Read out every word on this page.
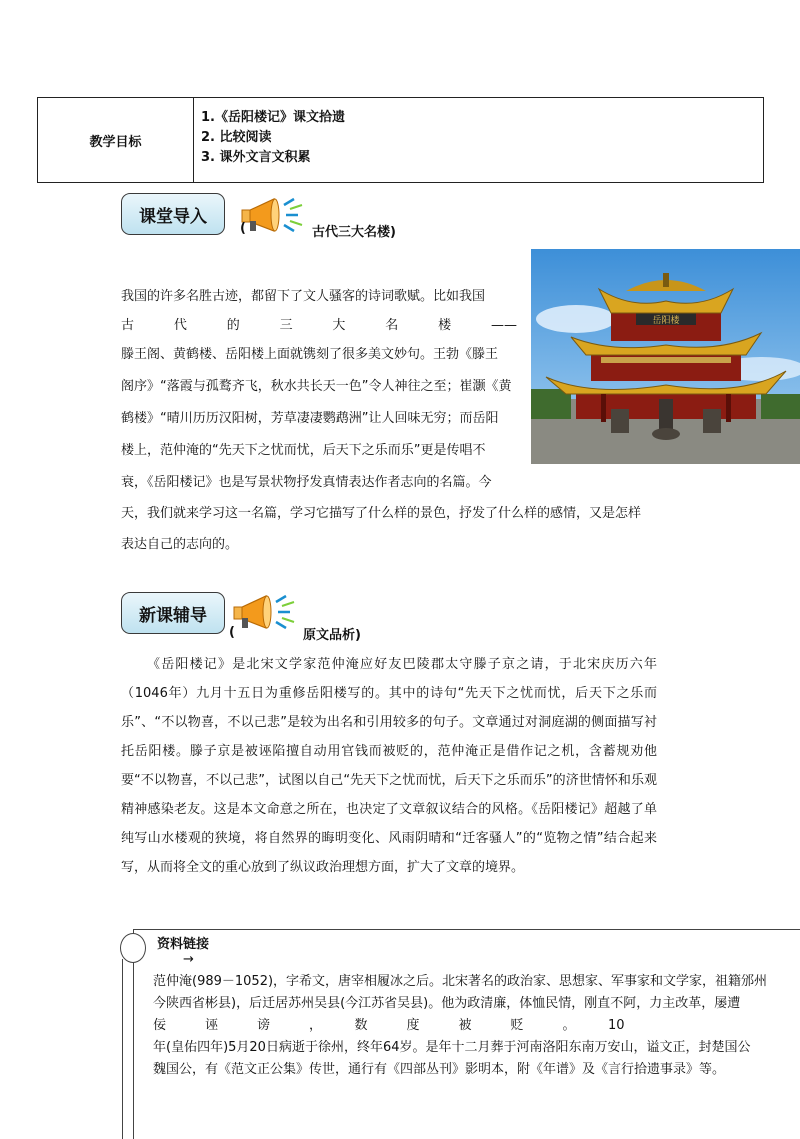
教学目标
1.《岳阳楼记》课文拾遗
2. 比较阅读
3. 课外文言文积累
课堂导入
(	古代三大名楼)
我国的许多名胜古迹，都留下了文人骚客的诗词歌赋。比如我国
古代的三大名楼——
滕王阁、黄鹤楼、岳阳楼上面就镌刻了很多美文妙句。王勃《滕王
阁序》“落霞与孤鹜齐飞，秋水共长天一色”令人神往之至；崔灏《黄
鹤楼》“晴川历历汉阳树，芳草凄凄鹦鹉洲”让人回味无穷；而岳阳
楼上，范仲淹的“先天下之忧而忧，后天下之乐而乐”更是传唱不
衰，《岳阳楼记》也是写景状物抒发真情表达作者志向的名篇。今
天，我们就来学习这一名篇，学习它描写了什么样的景色，抒发了什么样的感情，又是怎样
表达自己的志向的。
岳阳楼
新课辅导
(	原文品析)
《岳阳楼记》是北宋文学家范仲淹应好友巴陵郡太守滕子京之请，于北宋庆历六年（1046年）九月十五日为重修岳阳楼写的。其中的诗句“先天下之忧而忧，后天下之乐而乐”、“不以物喜，不以己悲”是较为出名和引用较多的句子。文章通过对洞庭湖的侧面描写衬托岳阳楼。滕子京是被诬陷擅自动用官钱而被贬的，范仲淹正是借作记之机，含蓄规劝他要“不以物喜，不以己悲”，试图以自己“先天下之忧而忧，后天下之乐而乐”的济世情怀和乐观精神感染老友。这是本文命意之所在，也决定了文章叙议结合的风格。《岳阳楼记》超越了单纯写山水楼观的狭境，将自然界的晦明变化、风雨阴晴和“迁客骚人”的“览物之情”结合起来写，从而将全文的重心放到了纵议政治理想方面，扩大了文章的境界。
资料链接
→
范仲淹(989－1052)，字希文，唐宰相履冰之后。北宋著名的政治家、思想家、军事家和文学家，祖籍邠州
今陕西省彬县)，后迁居苏州吴县(今江苏省吴县)。他为政清廉，体恤民情，刚直不阿，力主改革，屡遭
佞　　　诬　　　谤　　　，　　　数　　　度　　　被　　　贬　　　。　　　10
年(皇佑四年)5月20日病逝于徐州，终年64岁。是年十二月葬于河南洛阳东南万安山，谥文正，封楚国公
魏国公，有《范文正公集》传世，通行有《四部丛刊》影明本，附《年谱》及《言行拾遗事录》等。
